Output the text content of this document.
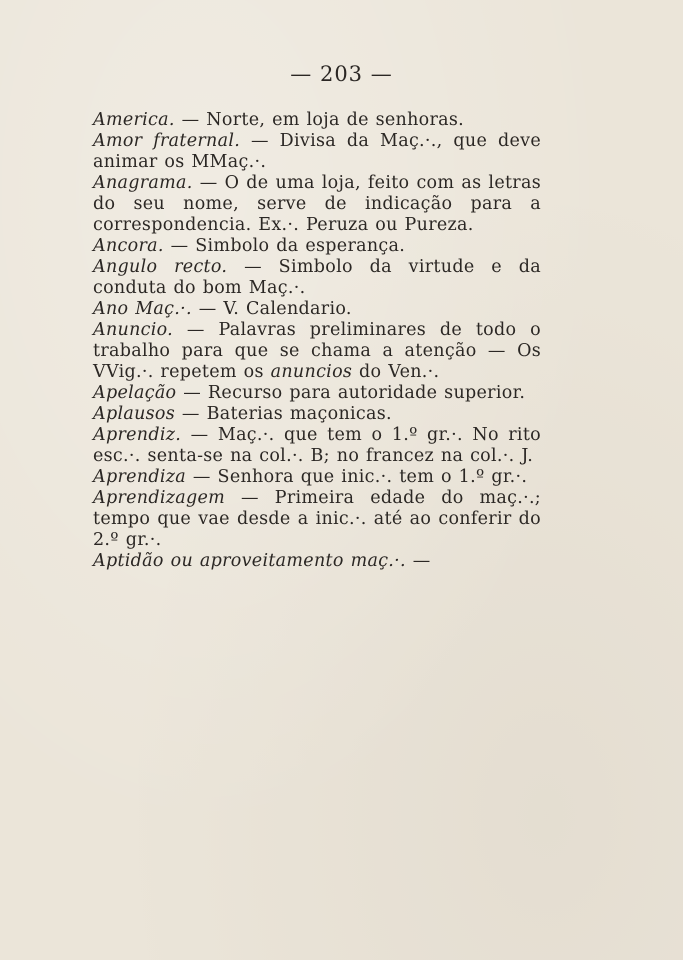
— 203 —

America. — Norte, em loja de senhoras.

Amor fraternal. — Divisa da Maç.·., que deve animar os MMaç.·.

Anagrama. — O de uma loja, feito com as letras do seu nome, serve de indicação para a correspondencia. Ex.·. Peruza ou Pureza.

Ancora. — Simbolo da esperança.

Angulo recto. — Simbolo da virtude e da conduta do bom Maç.·.

Ano Maç.·. — V. Calendario.

Anuncio. — Palavras preliminares de todo o trabalho para que se chama a atenção — Os VVig.·. repetem os anuncios do Ven.·.

Apelação — Recurso para autoridade superior.

Aplausos — Baterias maçonicas.

Aprendiz. — Maç.·. que tem o 1.º gr.·. No rito esc.·. senta-se na col.·. B; no francez na col.·. J.

Aprendiza — Senhora que inic.·. tem o 1.º gr.·.

Aprendizagem — Primeira edade do maç.·.; tempo que vae desde a inic.·. até ao conferir do 2.º gr.·.

Aptidão ou aproveitamento maç.·. —
